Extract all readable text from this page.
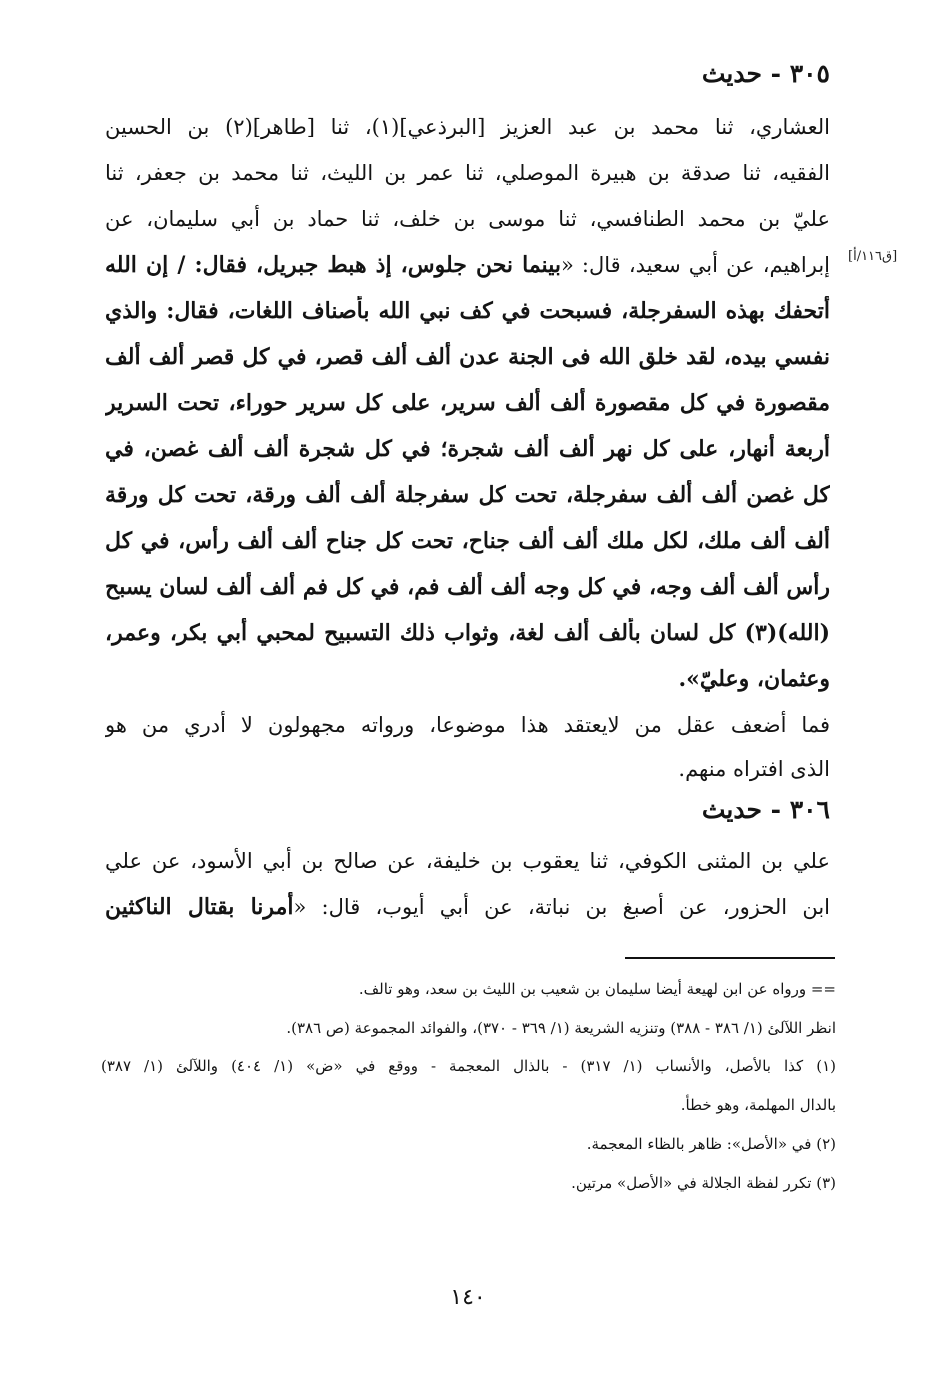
٣٠٥ - حديث
العشاري، ثنا محمد بن عبد العزيز [البرذعي](١)، ثنا [طاهر](٢) بن الحسين
الفقيه، ثنا صدقة بن هبيرة الموصلي، ثنا عمر بن الليث، ثنا محمد بن جعفر، ثنا
عليّ بن محمد الطنافسي، ثنا موسى بن خلف، ثنا حماد بن أبي سليمان، عن
[ق١١٦/أ]
إبراهيم، عن أبي سعيد، قال: «بينما نحن جلوس، إذ هبط جبريل، فقال: / إن الله
أتحفك بهذه السفرجلة، فسبحت في كف نبي الله بأصناف اللغات، فقال: والذي
نفسي بيده، لقد خلق الله فى الجنة عدن ألف ألف قصر، في كل قصر ألف ألف
مقصورة في كل مقصورة ألف ألف سرير، على كل سرير حوراء، تحت السرير
أربعة أنهار، على كل نهر ألف ألف شجرة؛ في كل شجرة ألف ألف غصن، في
كل غصن ألف ألف سفرجلة، تحت كل سفرجلة ألف ألف ورقة، تحت كل ورقة
ألف ألف ملك، لكل ملك ألف ألف جناح، تحت كل جناح ألف ألف رأس، في كل
رأس ألف ألف وجه، في كل وجه ألف ألف فم، في كل فم ألف ألف لسان يسبح
(الله)(٣) كل لسان بألف ألف لغة، وثواب ذلك التسبيح لمحبي أبي بكر، وعمر،
وعثمان، وعليّ».
فما أضعف عقل من لايعتقد هذا موضوعا، ورواته مجهولون لا أدري من هو
الذى افتراه منهم.
٣٠٦ - حديث
علي بن المثنى الكوفي، ثنا يعقوب بن خليفة، عن صالح بن أبي الأسود، عن علي
ابن الحزور، عن أصبغ بن نباتة، عن أبي أيوب، قال: «أمرنا بقتال الناكثين
== ورواه عن ابن لهيعة أيضا سليمان بن شعيب بن الليث بن سعد، وهو تالف.
انظر اللآلئ (١/ ٣٨٦ - ٣٨٨) وتنزيه الشريعة (١/ ٣٦٩ - ٣٧٠)، والفوائد المجموعة (ص ٣٨٦).
(١) كذا بالأصل، والأنساب (١/ ٣١٧) - بالذال المعجمة - ووقع في «ض» (١/ ٤٠٤) واللآلئ (١/ ٣٨٧)
بالدال المهلمة، وهو خطأ.
(٢) في «الأصل»: ظاهر بالظاء المعجمة.
(٣) تكرر لفظة الجلالة في «الأصل» مرتين.
١٤٠
